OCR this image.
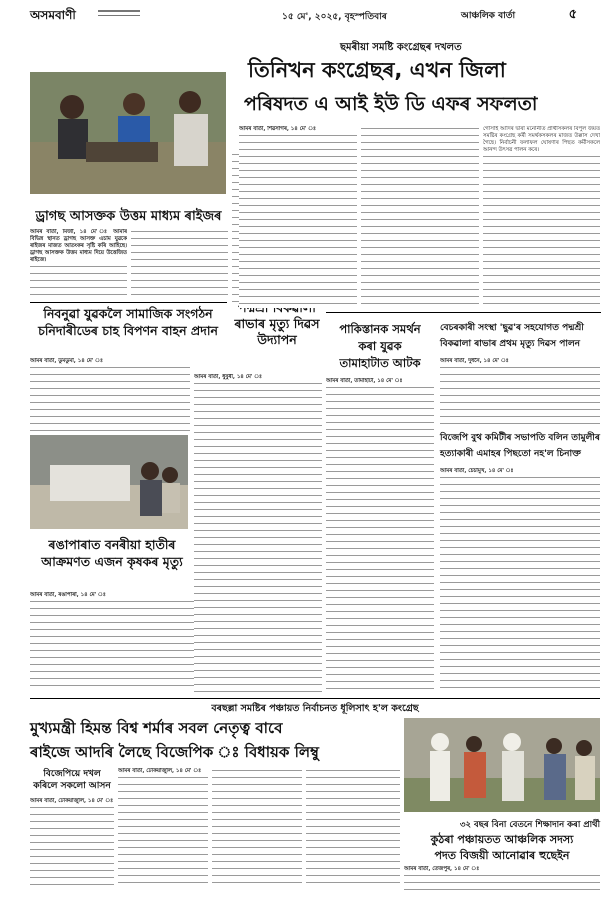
অসমবাণী	১৫ মে', ২০২৫, বৃহস্পতিবাৰ	আঞ্চলিক বাৰ্তা	৫
ড্ৰাগছ আসক্তক উত্তম মাধ্যম ৰাইজৰ

আমৰ বাৰ্তা, মিৰ্জা, ১৪ মে' ঃ আমাৰ বিভিন্ন স্থানত ড্ৰাগছ আসক্ত এচাম যুৱকে ৰাইজৰ মাজত আতংকৰ সৃষ্টি কৰি আহিছে। ড্ৰাগছ আসক্তক উত্তম মাধ্যম দিয়ে উত্তেজিত ৰাইজে।

নিবনুৱা যুৱকলৈ সামাজিক সংগঠন চনিদাৰীডেৰ চাহ বিপণন বাহন প্ৰদান

আমৰ বাৰ্তা, ডুমডুমা, ১৪ মে' ঃ

ৰঙাপাৰাত বনৰীয়া হাতীৰ আক্ৰমণত এজন কৃষকৰ মৃত্যু

আমৰ বাৰ্তা, ৰঙাপাৰা, ১৪ মে' ঃ

ৰাভাৰ মৃত্যু দিৱস উদ্যাপন

আমৰ বাৰ্তা, ধুবুৰী, ১৪ মে' ঃ

ছমৰীয়া সমষ্টি কংগ্ৰেছৰ দখলত
তিনিখন কংগ্ৰেছৰ, এখন জিলা
পৰিষদত এ আই ইউ ডি এফৰ সফলতা

আমৰ বাৰ্তা, শিৱসাগৰ, ১৪ মে' ঃ	গোঁসাই আদিৰ দ্বাৰা মনোনীত প্ৰাৰ্থীসকলৰ বিপুল জয়ত সমষ্টিৰ কংগ্ৰেছ কৰ্মী সমৰ্থকসকলৰ মাজত উল্লাস দেখা গৈছে। নিৰ্বাচনী ফলাফল ঘোষণাৰ পিছত কৰ্মীসকলে আনন্দ উৎসৱ পালন কৰে।

পাকিস্তানক সমৰ্থন
কৰা যুৱক
তামাহাটাত আটক

আমৰ বাৰ্তা, তামাহাটা, ১৪ মে' ঃ

বেচৰকাৰী সংস্থা 'ছুৱ'ৰ সহযোগত পদ্মশ্ৰী
বিকৱালা ৰাভাৰ প্ৰথম মৃত্যু দিৱস পালন

আমৰ বাৰ্তা, দুধনৈ, ১৪ মে' ঃ

বিজেপি বুথ কমিটীৰ সভাপতি বলিন তামুলীৰ
হত্যাকাৰী এমাহৰ পিছতো নহ'ল চিনাক্ত

আমৰ বাৰ্তা, চেচামুখ, ১৪ মে' ঃ

বৰছল্লা সমষ্টিৰ পঞ্চায়ত নিৰ্বাচনত ধূলিসাৎ হ'ল কংগ্ৰেছ
মুখ্যমন্ত্ৰী হিমন্ত বিশ্ব শৰ্মাৰ সবল নেতৃত্ব বাবে
ৰাইজে আদৰি লৈছে বিজেপিক ঃ বিধায়ক লিম্বু
বিজেপিয়ে দখল কৰিলে সকলো আসন

আমৰ বাৰ্তা, ঢেকিয়াজুলি, ১৪ মে' ঃ

আমৰ বাৰ্তা, ঢেকিয়াজুলি, ১৪ মে' ঃ

৩২ বছৰ বিনা বেতনে শিক্ষাদান কৰা প্ৰাৰ্থী
কুঠৰা পঞ্চায়তত আঞ্চলিক সদস্য
পদত বিজয়ী আনোৱাৰ হুছেইন

আমৰ বাৰ্তা, তেজপুৰ, ১৪ মে' ঃ
